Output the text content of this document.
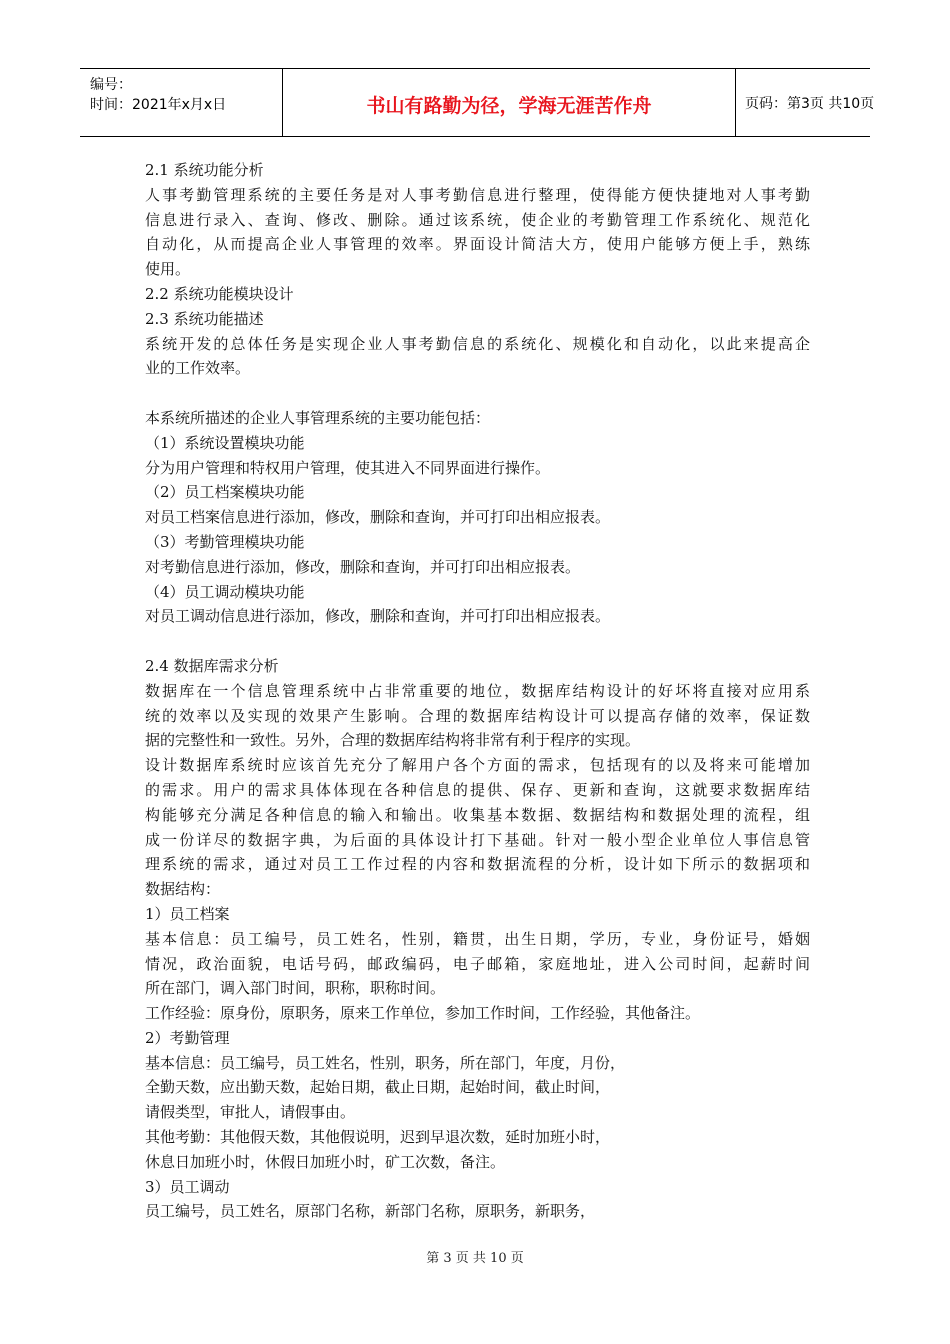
编号：
时间：2021年x月x日	书山有路勤为径，学海无涯苦作舟	页码：第3页 共10页
2.1 系统功能分析
人事考勤管理系统的主要任务是对人事考勤信息进行整理，使得能方便快捷地对人事考勤
信息进行录入、查询、修改、删除。通过该系统，使企业的考勤管理工作系统化、规范化
自动化，从而提高企业人事管理的效率。界面设计简洁大方，使用户能够方便上手，熟练
使用。
2.2 系统功能模块设计
2.3 系统功能描述
系统开发的总体任务是实现企业人事考勤信息的系统化、规模化和自动化，以此来提高企
业的工作效率。
本系统所描述的企业人事管理系统的主要功能包括：
（1）系统设置模块功能
分为用户管理和特权用户管理，使其进入不同界面进行操作。
（2）员工档案模块功能
对员工档案信息进行添加，修改，删除和查询，并可打印出相应报表。
（3）考勤管理模块功能
对考勤信息进行添加，修改，删除和查询，并可打印出相应报表。
（4）员工调动模块功能
对员工调动信息进行添加，修改，删除和查询，并可打印出相应报表。
2.4 数据库需求分析
数据库在一个信息管理系统中占非常重要的地位，数据库结构设计的好坏将直接对应用系
统的效率以及实现的效果产生影响。合理的数据库结构设计可以提高存储的效率，保证数
据的完整性和一致性。另外，合理的数据库结构将非常有利于程序的实现。
设计数据库系统时应该首先充分了解用户各个方面的需求，包括现有的以及将来可能增加
的需求。用户的需求具体体现在各种信息的提供、保存、更新和查询，这就要求数据库结
构能够充分满足各种信息的输入和输出。收集基本数据、数据结构和数据处理的流程，组
成一份详尽的数据字典，为后面的具体设计打下基础。针对一般小型企业单位人事信息管
理系统的需求，通过对员工工作过程的内容和数据流程的分析，设计如下所示的数据项和
数据结构：
1）员工档案
基本信息：员工编号，员工姓名，性别，籍贯，出生日期，学历，专业，身份证号，婚姻
情况，政治面貌，电话号码，邮政编码，电子邮箱，家庭地址，进入公司时间，起薪时间
所在部门，调入部门时间，职称，职称时间。
工作经验：原身份，原职务，原来工作单位，参加工作时间，工作经验，其他备注。
2）考勤管理
基本信息：员工编号，员工姓名，性别，职务，所在部门，年度，月份，
全勤天数，应出勤天数，起始日期，截止日期，起始时间，截止时间，
请假类型，审批人，请假事由。
其他考勤：其他假天数，其他假说明，迟到早退次数，延时加班小时，
休息日加班小时，休假日加班小时，矿工次数，备注。
3）员工调动
员工编号，员工姓名，原部门名称，新部门名称，原职务，新职务，
第 3 页 共 10 页
